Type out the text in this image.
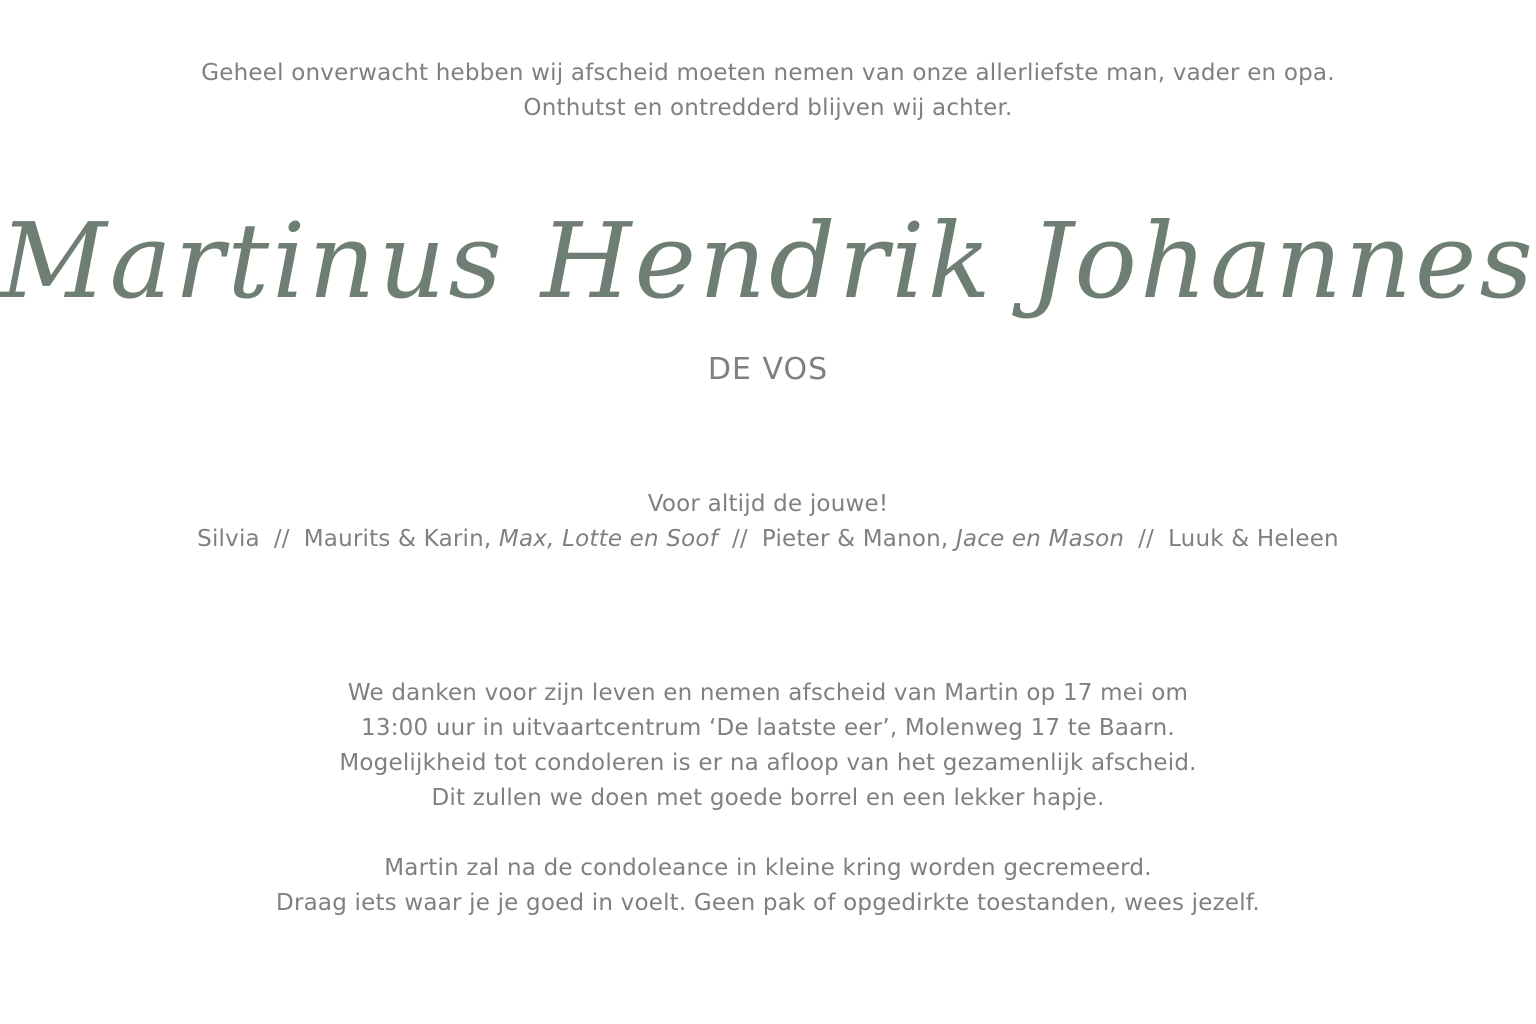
Geheel onverwacht hebben wij afscheid moeten nemen van onze allerliefste man, vader en opa.
Onthutst en ontredderd blijven wij achter.
Martinus Hendrik Johannes
DE VOS
Voor altijd de jouwe!
Silvia // Maurits & Karin, Max, Lotte en Soof // Pieter & Manon, Jace en Mason // Luuk & Heleen
We danken voor zijn leven en nemen afscheid van Martin op 17 mei om
13:00 uur in uitvaartcentrum ‘De laatste eer’, Molenweg 17 te Baarn.
Mogelijkheid tot condoleren is er na afloop van het gezamenlijk afscheid.
Dit zullen we doen met goede borrel en een lekker hapje.
Martin zal na de condoleance in kleine kring worden gecremeerd.
Draag iets waar je je goed in voelt. Geen pak of opgedirkte toestanden, wees jezelf.
